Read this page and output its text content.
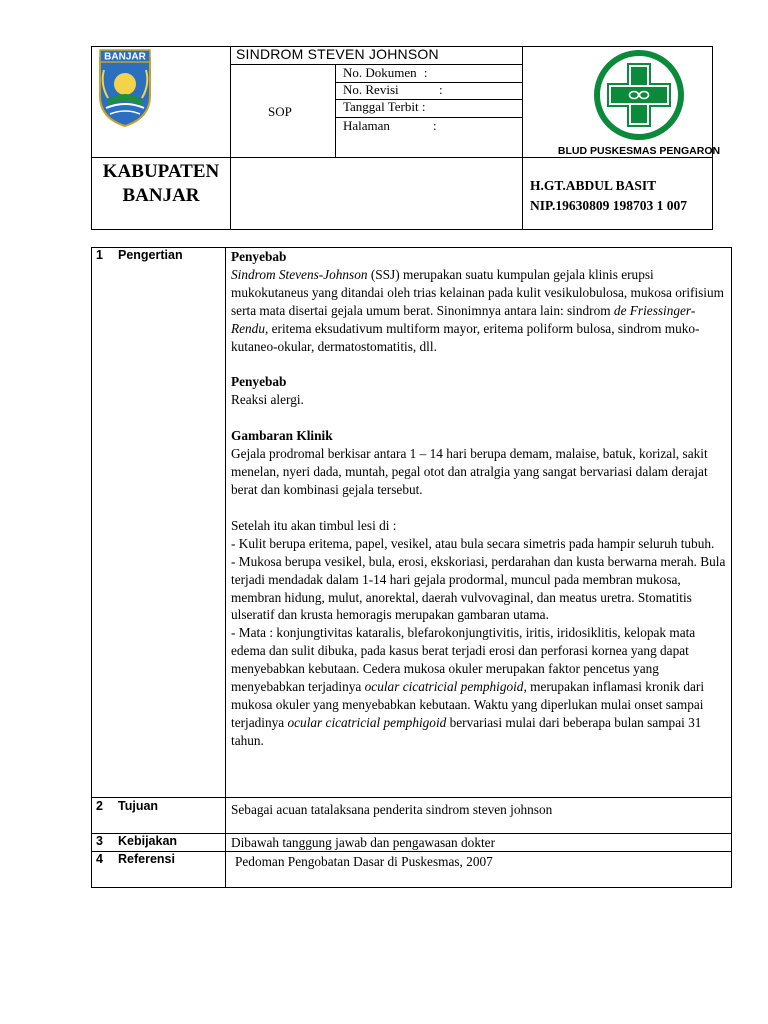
BANJAR	SINDROM STEVEN JOHNSON
SOP
No. Dokumen :
No. Revisi	:
Tanggal Terbit :
Halaman	:
BLUD PUSKESMAS PENGARON
KABUPATEN
BANJAR	H.GT.ABDUL BASIT
NIP.19630809 198703 1 007
1 Pengertian	Penyebab

Sindrom Stevens-Johnson (SSJ) merupakan suatu kumpulan gejala klinis erupsi mukokutaneus yang ditandai oleh trias kelainan pada kulit vesikulobulosa, mukosa orifisium serta mata disertai gejala umum berat. Sinonimnya antara lain: sindrom de Friessinger-Rendu, eritema eksudativum multiform mayor, eritema poliform bulosa, sindrom muko-kutaneo-okular, dermatostomatitis, dll.

Penyebab

Reaksi alergi.

Gambaran Klinik

Gejala prodromal berkisar antara 1 – 14 hari berupa demam, malaise, batuk, korizal, sakit menelan, nyeri dada, muntah, pegal otot dan atralgia yang sangat bervariasi dalam derajat berat dan kombinasi gejala tersebut.

Setelah itu akan timbul lesi di :

- Kulit berupa eritema, papel, vesikel, atau bula secara simetris pada hampir seluruh tubuh.

- Mukosa berupa vesikel, bula, erosi, ekskoriasi, perdarahan dan kusta berwarna merah. Bula terjadi mendadak dalam 1-14 hari gejala prodormal, muncul pada membran mukosa, membran hidung, mulut, anorektal, daerah vulvovaginal, dan meatus uretra. Stomatitis ulseratif dan krusta hemoragis merupakan gambaran utama.

- Mata : konjungtivitas kataralis, blefarokonjungtivitis, iritis, iridosiklitis, kelopak mata edema dan sulit dibuka, pada kasus berat terjadi erosi dan perforasi kornea yang dapat menyebabkan kebutaan. Cedera mukosa okuler merupakan faktor pencetus yang menyebabkan terjadinya ocular cicatricial pemphigoid, merupakan inflamasi kronik dari mukosa okuler yang menyebabkan kebutaan. Waktu yang diperlukan mulai onset sampai terjadinya ocular cicatricial pemphigoid bervariasi mulai dari beberapa bulan sampai 31 tahun.

2 Tujuan	Sebagai acuan tatalaksana penderita sindrom steven johnson
3 Kebijakan	Dibawah tanggung jawab dan pengawasan dokter
4 Referensi	Pedoman Pengobatan Dasar di Puskesmas, 2007
